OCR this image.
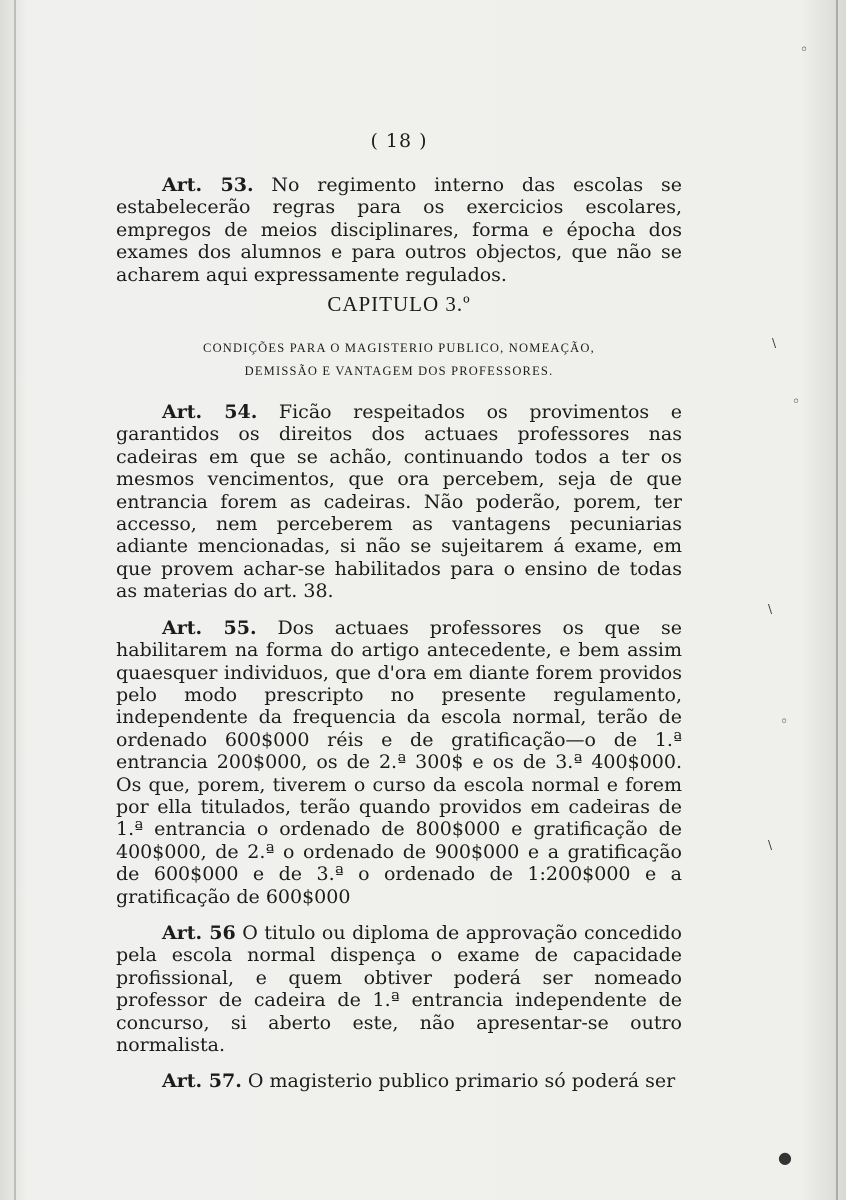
◦
\
◦
\
◦
\
●
( 18 )

Art. 53. No regimento interno das escolas se estabelecerão regras para os exercicios escolares, empregos de meios disciplinares, forma e épocha dos exames dos alumnos e para outros objectos, que não se acharem aqui expressamente regulados.

CAPITULO 3.º
CONDIÇÕES PARA O MAGISTERIO PUBLICO, NOMEAÇÃO,
DEMISSÃO E VANTAGEM DOS PROFESSORES.

Art. 54. Ficão respeitados os provimentos e garantidos os direitos dos actuaes professores nas cadeiras em que se achão, continuando todos a ter os mesmos vencimentos, que ora percebem, seja de que entrancia forem as cadeiras. Não poderão, porem, ter accesso, nem perceberem as vantagens pecuniarias adiante mencionadas, si não se sujeitarem á exame, em que provem achar-se habilitados para o ensino de todas as materias do art. 38.

Art. 55. Dos actuaes professores os que se habilitarem na forma do artigo antecedente, e bem assim quaesquer individuos, que d'ora em diante forem providos pelo modo prescripto no presente regulamento, independente da frequencia da escola normal, terão de ordenado 600$000 réis e de gratificação—o de 1.ª entrancia 200$000, os de 2.ª 300$ e os de 3.ª 400$000. Os que, porem, tiverem o curso da escola normal e forem por ella titulados, terão quando providos em cadeiras de 1.ª entrancia o ordenado de 800$000 e gratificação de 400$000, de 2.ª o ordenado de 900$000 e a gratificação de 600$000 e de 3.ª o ordenado de 1:200$000 e a gratificação de 600$000

Art. 56 O titulo ou diploma de approvação concedido pela escola normal dispença o exame de capacidade profissional, e quem obtiver poderá ser nomeado professor de cadeira de 1.ª entrancia independente de concurso, si aberto este, não apresentar-se outro normalista.

Art. 57. O magisterio publico primario só poderá ser
